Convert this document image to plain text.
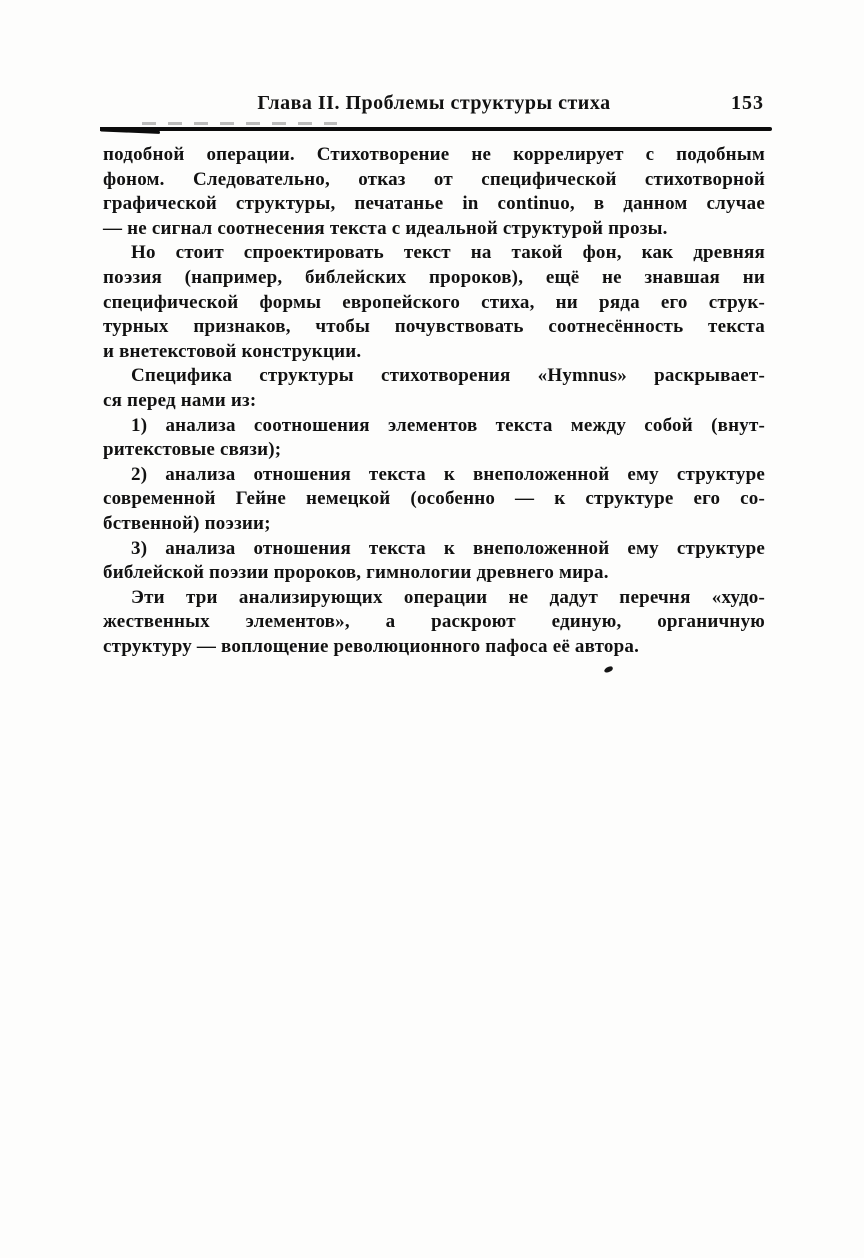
Глава II. Проблемы структуры стиха	153
подобной операции. Стихотворение не коррелирует с подобным
фоном. Следовательно, отказ от специфической стихотворной
графической структуры, печатанье in continuo, в данном случае
— не сигнал соотнесения текста с идеальной структурой прозы.
Но стоит спроектировать текст на такой фон, как древняя
поэзия (например, библейских пророков), ещё не знавшая ни
специфической формы европейского стиха, ни ряда его струк-
турных признаков, чтобы почувствовать соотнесённость текста
и внетекстовой конструкции.
Специфика структуры стихотворения «Hymnus» раскрывает-
ся перед нами из:
1) анализа соотношения элементов текста между собой (внут-
ритекстовые связи);
2) анализа отношения текста к внеположенной ему структуре
современной Гейне немецкой (особенно — к структуре его со-
бственной) поэзии;
3) анализа отношения текста к внеположенной ему структуре
библейской поэзии пророков, гимнологии древнего мира.
Эти три анализирующих операции не дадут перечня «худо-
жественных элементов», а раскроют единую, органичную
структуру — воплощение революционного пафоса её автора.
